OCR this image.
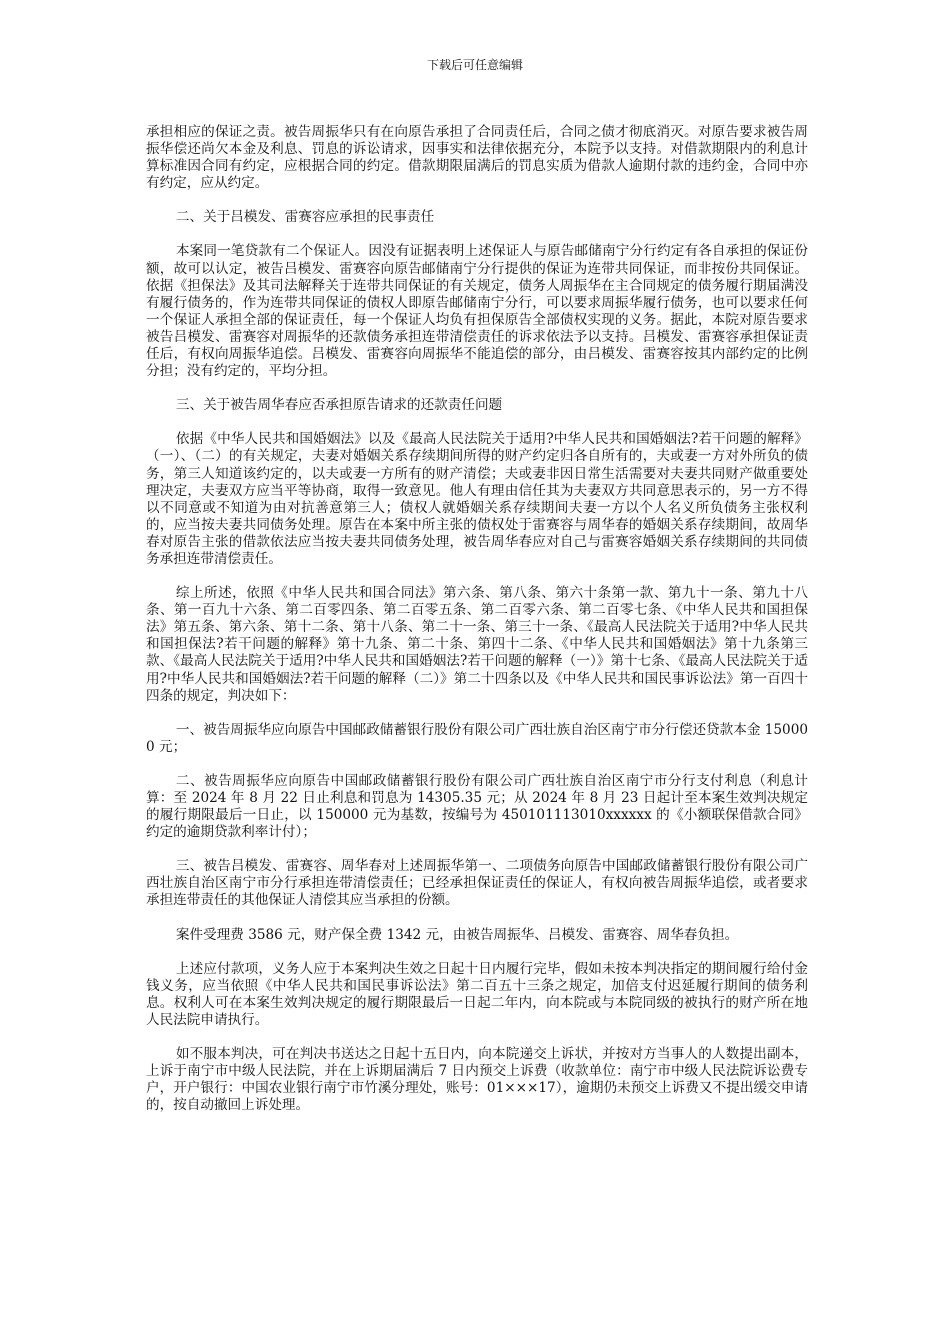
下载后可任意编辑

承担相应的保证之责。被告周振华只有在向原告承担了合同责任后，合同之债才彻底消灭。对原告要求被告周振华偿还尚欠本金及利息、罚息的诉讼请求，因事实和法律依据充分，本院予以支持。对借款期限内的利息计算标准因合同有约定，应根据合同的约定。借款期限届满后的罚息实质为借款人逾期付款的违约金，合同中亦有约定，应从约定。

二、关于吕模发、雷赛容应承担的民事责任

本案同一笔贷款有二个保证人。因没有证据表明上述保证人与原告邮储南宁分行约定有各自承担的保证份额，故可以认定，被告吕模发、雷赛容向原告邮储南宁分行提供的保证为连带共同保证，而非按份共同保证。依据《担保法》及其司法解释关于连带共同保证的有关规定，债务人周振华在主合同规定的债务履行期届满没有履行债务的，作为连带共同保证的债权人即原告邮储南宁分行，可以要求周振华履行债务，也可以要求任何一个保证人承担全部的保证责任，每一个保证人均负有担保原告全部债权实现的义务。据此，本院对原告要求被告吕模发、雷赛容对周振华的还款债务承担连带清偿责任的诉求依法予以支持。吕模发、雷赛容承担保证责任后，有权向周振华追偿。吕模发、雷赛容向周振华不能追偿的部分，由吕模发、雷赛容按其内部约定的比例分担；没有约定的，平均分担。

三、关于被告周华春应否承担原告请求的还款责任问题

依据《中华人民共和国婚姻法》以及《最高人民法院关于适用?中华人民共和国婚姻法?若干问题的解释》（一）、（二）的有关规定，夫妻对婚姻关系存续期间所得的财产约定归各自所有的，夫或妻一方对外所负的债务，第三人知道该约定的，以夫或妻一方所有的财产清偿；夫或妻非因日常生活需要对夫妻共同财产做重要处理决定，夫妻双方应当平等协商，取得一致意见。他人有理由信任其为夫妻双方共同意思表示的，另一方不得以不同意或不知道为由对抗善意第三人；债权人就婚姻关系存续期间夫妻一方以个人名义所负债务主张权利的，应当按夫妻共同债务处理。原告在本案中所主张的债权处于雷赛容与周华春的婚姻关系存续期间，故周华春对原告主张的借款依法应当按夫妻共同债务处理，被告周华春应对自己与雷赛容婚姻关系存续期间的共同债务承担连带清偿责任。

综上所述，依照《中华人民共和国合同法》第六条、第八条、第六十条第一款、第九十一条、第九十八条、第一百九十六条、第二百零四条、第二百零五条、第二百零六条、第二百零七条、《中华人民共和国担保法》第五条、第六条、第十二条、第十八条、第二十一条、第三十一条、《最高人民法院关于适用?中华人民共和国担保法?若干问题的解释》第十九条、第二十条、第四十二条、《中华人民共和国婚姻法》第十九条第三款、《最高人民法院关于适用?中华人民共和国婚姻法?若干问题的解释（一）》第十七条、《最高人民法院关于适用?中华人民共和国婚姻法?若干问题的解释（二）》第二十四条以及《中华人民共和国民事诉讼法》第一百四十四条的规定，判决如下：

一、被告周振华应向原告中国邮政储蓄银行股份有限公司广西壮族自治区南宁市分行偿还贷款本金 150000 元；

二、被告周振华应向原告中国邮政储蓄银行股份有限公司广西壮族自治区南宁市分行支付利息（利息计算：至 2024 年 8 月 22 日止利息和罚息为 14305.35 元；从 2024 年 8 月 23 日起计至本案生效判决规定的履行期限最后一日止，以 150000 元为基数，按编号为 450101113010xxxxxx 的《小额联保借款合同》约定的逾期贷款利率计付）；

三、被告吕模发、雷赛容、周华春对上述周振华第一、二项债务向原告中国邮政储蓄银行股份有限公司广西壮族自治区南宁市分行承担连带清偿责任；已经承担保证责任的保证人，有权向被告周振华追偿，或者要求承担连带责任的其他保证人清偿其应当承担的份额。

案件受理费 3586 元，财产保全费 1342 元，由被告周振华、吕模发、雷赛容、周华春负担。

上述应付款项，义务人应于本案判决生效之日起十日内履行完毕，假如未按本判决指定的期间履行给付金钱义务，应当依照《中华人民共和国民事诉讼法》第二百五十三条之规定，加倍支付迟延履行期间的债务利息。权利人可在本案生效判决规定的履行期限最后一日起二年内，向本院或与本院同级的被执行的财产所在地人民法院申请执行。

如不服本判决，可在判决书送达之日起十五日内，向本院递交上诉状，并按对方当事人的人数提出副本，上诉于南宁市中级人民法院，并在上诉期届满后 7 日内预交上诉费（收款单位：南宁市中级人民法院诉讼费专户，开户银行：中国农业银行南宁市竹溪分理处，账号：01×××17），逾期仍未预交上诉费又不提出缓交申请的，按自动撤回上诉处理。
